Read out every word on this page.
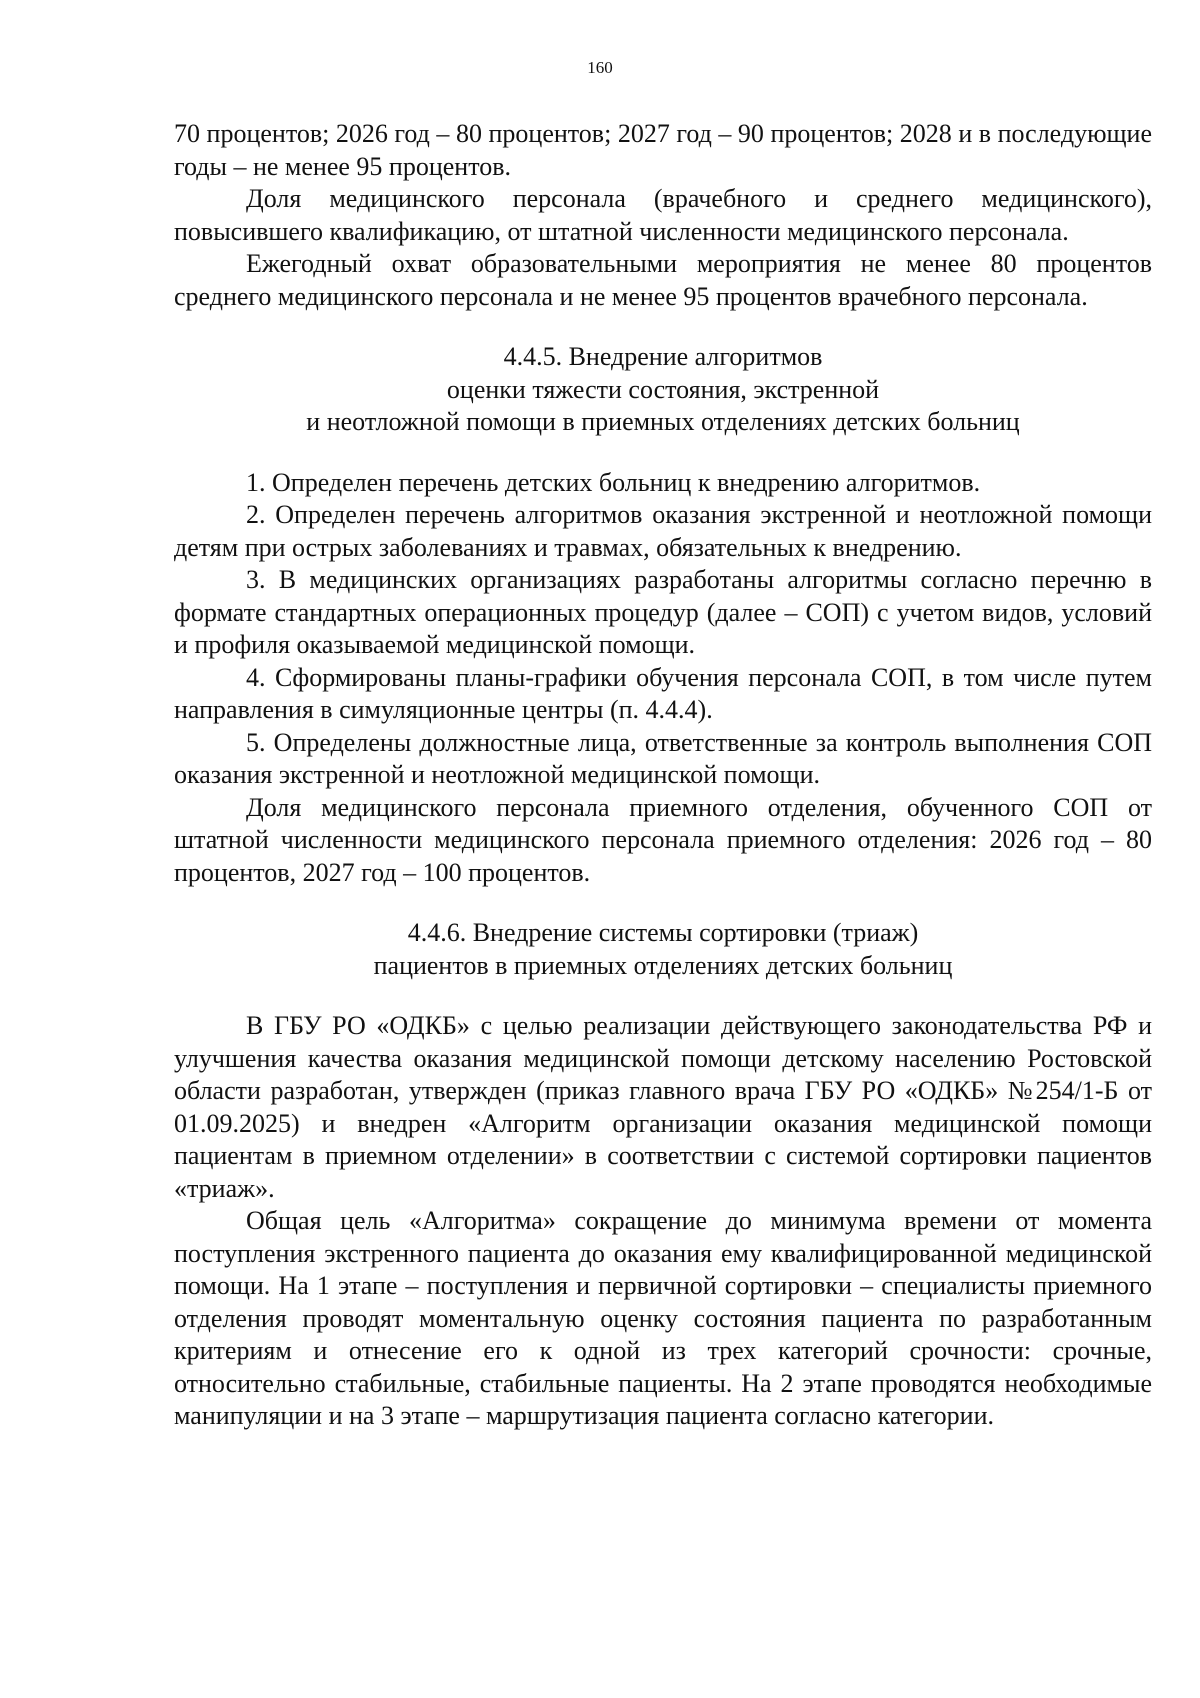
160

70 процентов; 2026 год – 80 процентов; 2027 год – 90 процентов; 2028 и в последующие годы – не менее 95 процентов.

Доля медицинского персонала (врачебного и среднего медицинского), повысившего квалификацию, от штатной численности медицинского персонала.

Ежегодный охват образовательными мероприятия не менее 80 процентов среднего медицинского персонала и не менее 95 процентов врачебного персонала.

4.4.5. Внедрение алгоритмов
оценки тяжести состояния, экстренной
и неотложной помощи в приемных отделениях детских больниц

1. Определен перечень детских больниц к внедрению алгоритмов.

2. Определен перечень алгоритмов оказания экстренной и неотложной помощи детям при острых заболеваниях и травмах, обязательных к внедрению.

3. В медицинских организациях разработаны алгоритмы согласно перечню в формате стандартных операционных процедур (далее – СОП) с учетом видов, условий и профиля оказываемой медицинской помощи.

4. Сформированы планы-графики обучения персонала СОП, в том числе путем направления в симуляционные центры (п. 4.4.4).

5. Определены должностные лица, ответственные за контроль выполнения СОП оказания экстренной и неотложной медицинской помощи.

Доля медицинского персонала приемного отделения, обученного СОП от штатной численности медицинского персонала приемного отделения: 2026 год – 80 процентов, 2027 год – 100 процентов.

4.4.6. Внедрение системы сортировки (триаж)
пациентов в приемных отделениях детских больниц

В ГБУ РО «ОДКБ» с целью реализации действующего законодательства РФ и улучшения качества оказания медицинской помощи детскому населению Ростовской области разработан, утвержден (приказ главного врача ГБУ РО «ОДКБ» №254/1-Б от 01.09.2025) и внедрен «Алгоритм организации оказания медицинской помощи пациентам в приемном отделении» в соответствии с системой сортировки пациентов «триаж».

Общая цель «Алгоритма» сокращение до минимума времени от момента поступления экстренного пациента до оказания ему квалифицированной медицинской помощи. На 1 этапе – поступления и первичной сортировки – специалисты приемного отделения проводят моментальную оценку состояния пациента по разработанным критериям и отнесение его к одной из трех категорий срочности: срочные, относительно стабильные, стабильные пациенты. На 2 этапе проводятся необходимые манипуляции и на 3 этапе – маршрутизация пациента согласно категории.
